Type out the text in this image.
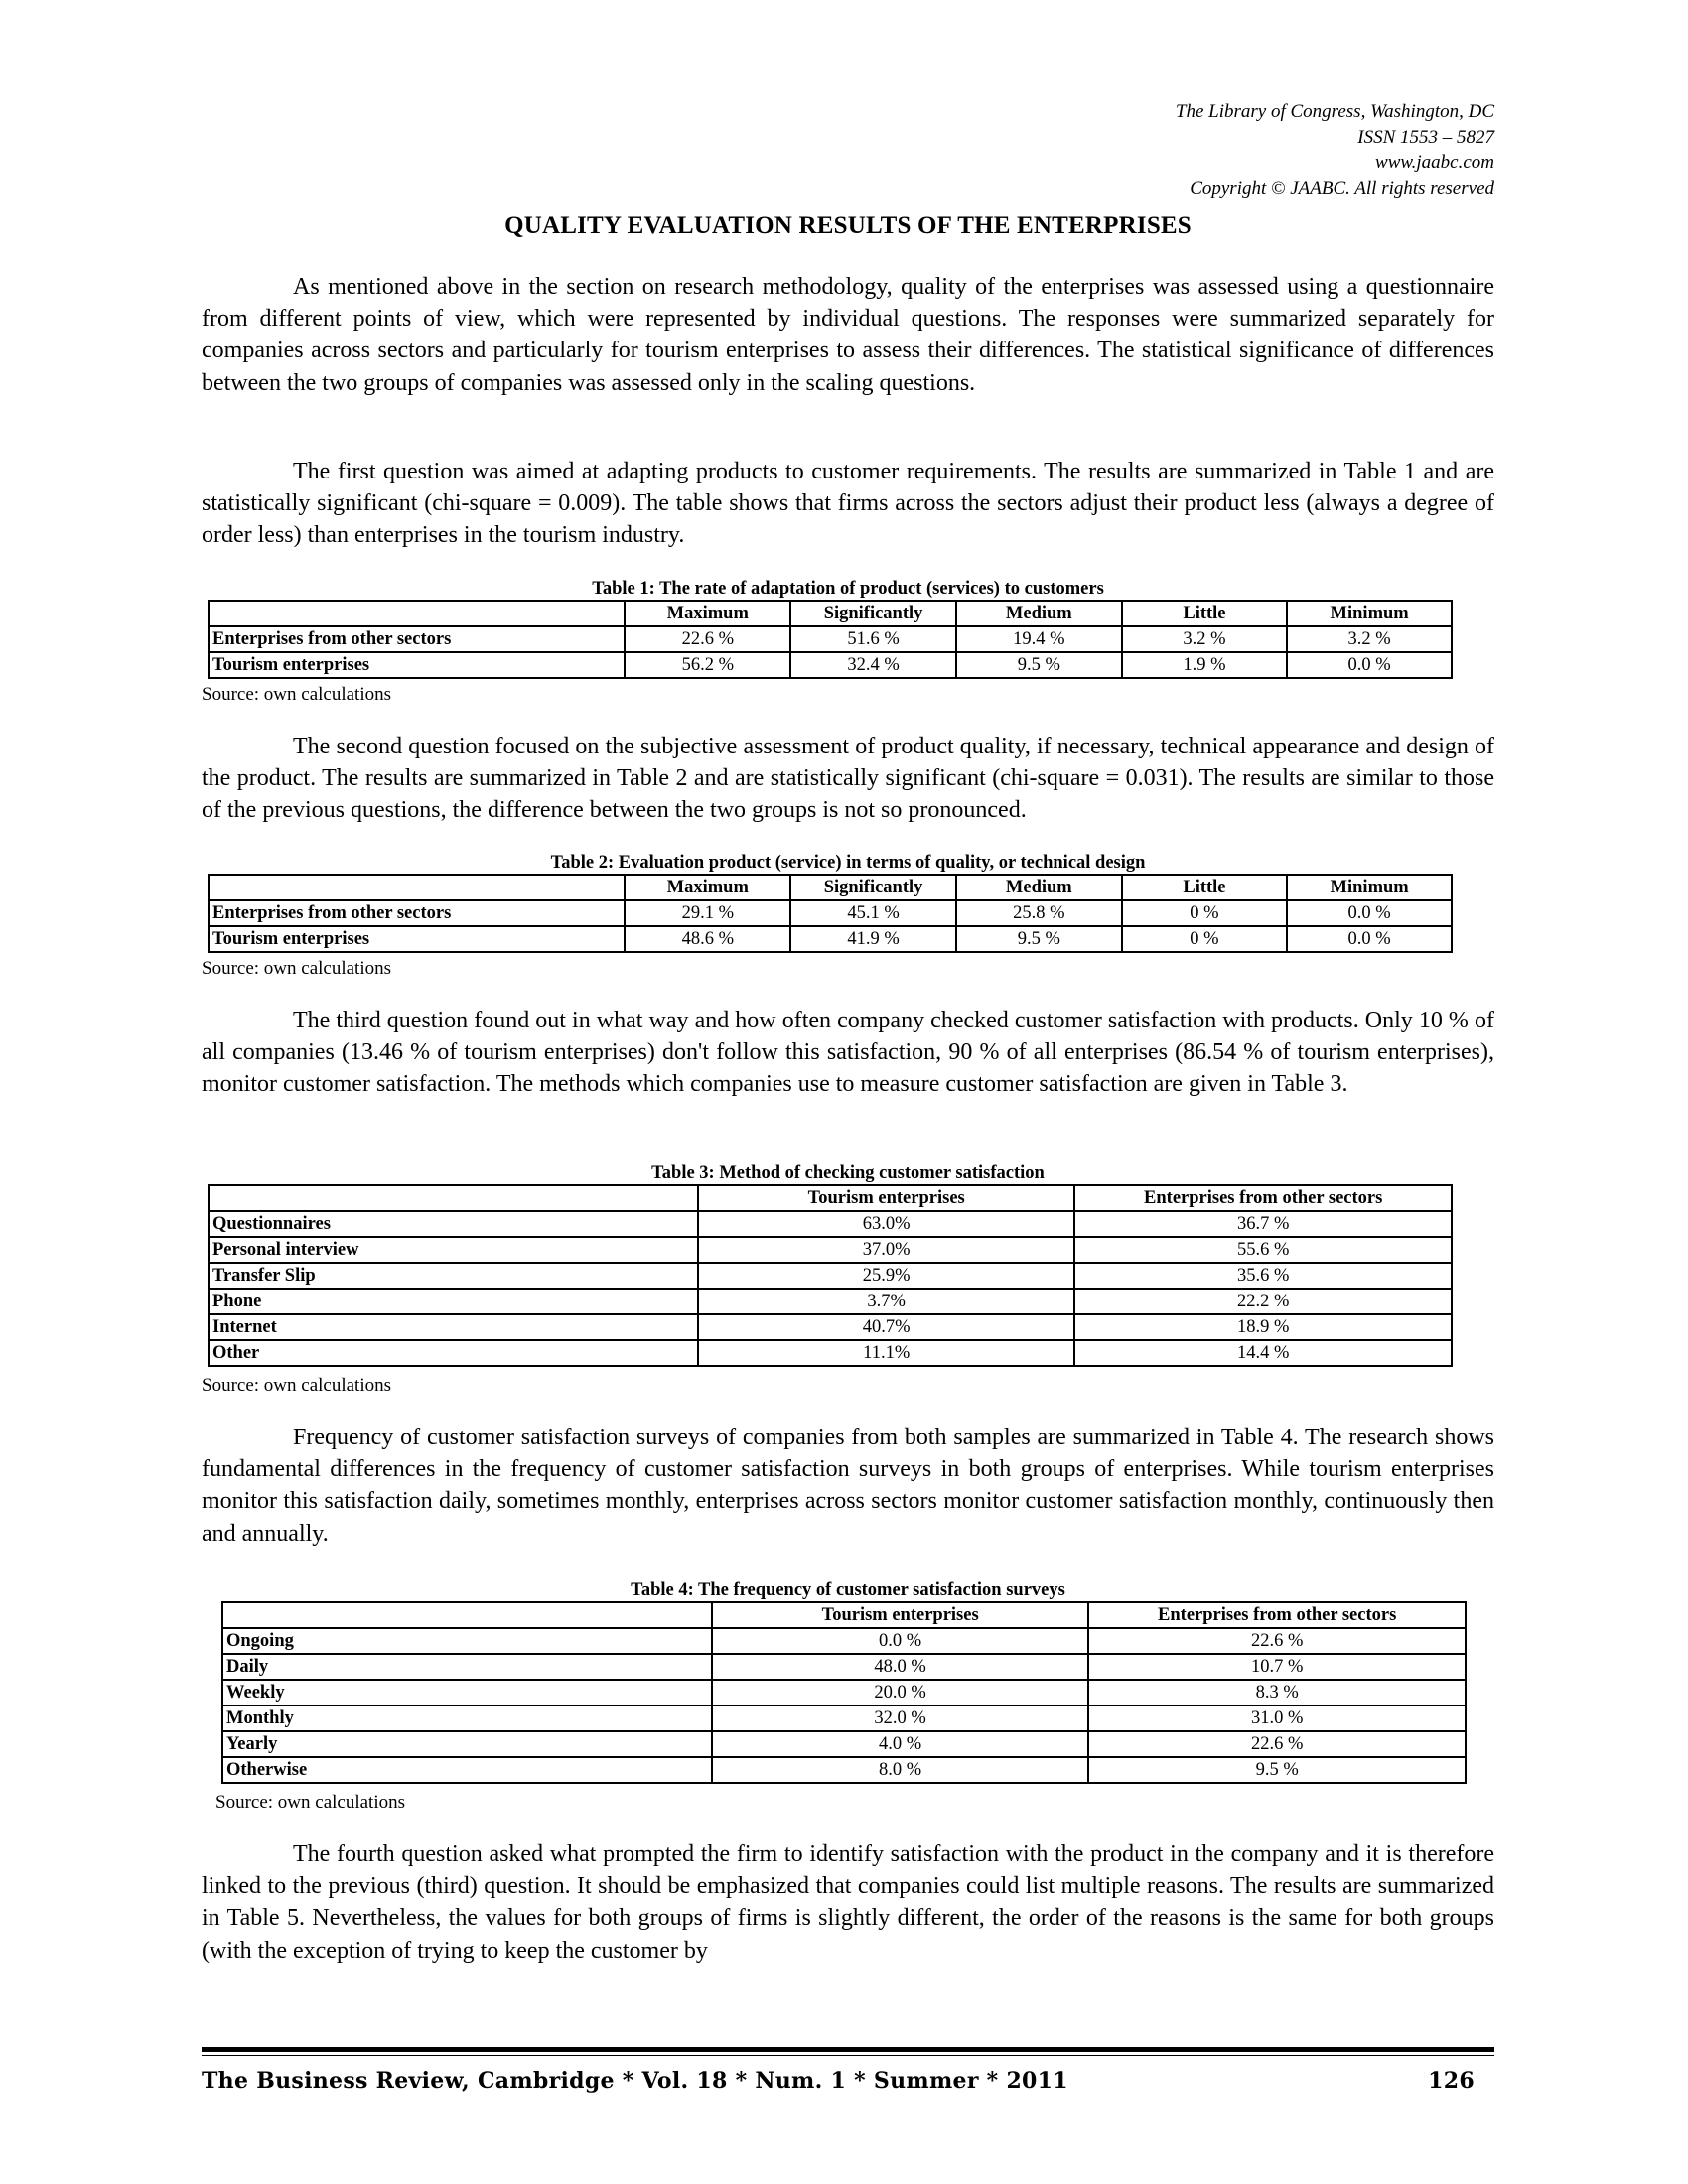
The Library of Congress, Washington, DC
ISSN 1553 – 5827
www.jaabc.com
Copyright © JAABC. All rights reserved
QUALITY EVALUATION RESULTS OF THE ENTERPRISES

As mentioned above in the section on research methodology, quality of the enterprises was assessed using a questionnaire from different points of view, which were represented by individual questions. The responses were summarized separately for companies across sectors and particularly for tourism enterprises to assess their differences. The statistical significance of differences between the two groups of companies was assessed only in the scaling questions.

The first question was aimed at adapting products to customer requirements. The results are summarized in Table 1 and are statistically significant (chi-square = 0.009). The table shows that firms across the sectors adjust their product less (always a degree of order less) than enterprises in the tourism industry.

Table 1: The rate of adaptation of product (services) to customers
	Maximum	Significantly	Medium	Little	Minimum
Enterprises from other sectors	22.6 %	51.6 %	19.4 %	3.2 %	3.2 %
Tourism enterprises	56.2 %	32.4 %	9.5 %	1.9 %	0.0 %
Source: own calculations

The second question focused on the subjective assessment of product quality, if necessary, technical appearance and design of the product. The results are summarized in Table 2 and are statistically significant (chi-square = 0.031). The results are similar to those of the previous questions, the difference between the two groups is not so pronounced.

Table 2: Evaluation product (service) in terms of quality, or technical design
	Maximum	Significantly	Medium	Little	Minimum
Enterprises from other sectors	29.1 %	45.1 %	25.8 %	0 %	0.0 %
Tourism enterprises	48.6 %	41.9 %	9.5 %	0 %	0.0 %
Source: own calculations

The third question found out in what way and how often company checked customer satisfaction with products. Only 10 % of all companies (13.46 % of tourism enterprises) don't follow this satisfaction, 90 % of all enterprises (86.54 % of tourism enterprises), monitor customer satisfaction. The methods which companies use to measure customer satisfaction are given in Table 3.

Table 3: Method of checking customer satisfaction
	Tourism enterprises	Enterprises from other sectors
Questionnaires	63.0%	36.7 %
Personal interview	37.0%	55.6 %
Transfer Slip	25.9%	35.6 %
Phone	3.7%	22.2 %
Internet	40.7%	18.9 %
Other	11.1%	14.4 %
Source: own calculations

Frequency of customer satisfaction surveys of companies from both samples are summarized in Table 4. The research shows fundamental differences in the frequency of customer satisfaction surveys in both groups of enterprises. While tourism enterprises monitor this satisfaction daily, sometimes monthly, enterprises across sectors monitor customer satisfaction monthly, continuously then and annually.

Table 4: The frequency of customer satisfaction surveys
	Tourism enterprises	Enterprises from other sectors
Ongoing	0.0 %	22.6 %
Daily	48.0 %	10.7 %
Weekly	20.0 %	8.3 %
Monthly	32.0 %	31.0 %
Yearly	4.0 %	22.6 %
Otherwise	8.0 %	9.5 %
Source: own calculations

The fourth question asked what prompted the firm to identify satisfaction with the product in the company and it is therefore linked to the previous (third) question. It should be emphasized that companies could list multiple reasons. The results are summarized in Table 5. Nevertheless, the values for both groups of firms is slightly different, the order of the reasons is the same for both groups (with the exception of trying to keep the customer by

The Business Review, Cambridge * Vol. 18 * Num. 1 * Summer * 2011	126
